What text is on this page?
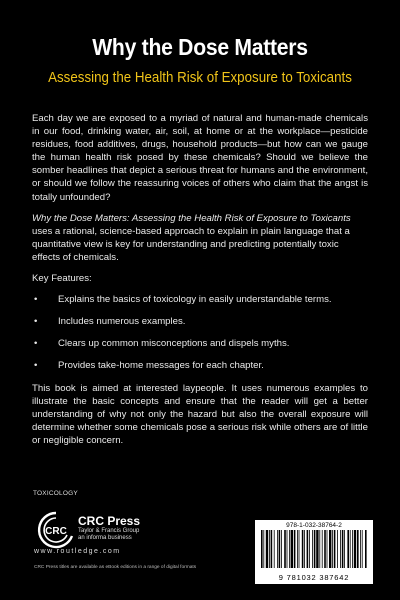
Why the Dose Matters
Assessing the Health Risk of Exposure to Toxicants

Each day we are exposed to a myriad of natural and human-made chemicals in our food, drinking water, air, soil, at home or at the workplace—pesticide residues, food additives, drugs, household products—but how can we gauge the human health risk posed by these chemicals? Should we believe the somber headlines that depict a serious threat for humans and the environment, or should we follow the reassuring voices of others who claim that the angst is totally unfounded?

Why the Dose Matters: Assessing the Health Risk of Exposure to Toxicants uses a rational, science-based approach to explain in plain language that a quantitative view is key for understanding and predicting potentially toxic effects of chemicals.

Key Features:

• Explains the basics of toxicology in easily understandable terms.
• Includes numerous examples.
• Clears up common misconceptions and dispels myths.
• Provides take-home messages for each chapter.

This book is aimed at interested laypeople. It uses numerous examples to illustrate the basic concepts and ensure that the reader will get a better understanding of why not only the hazard but also the overall exposure will determine whether some chemicals pose a serious risk while others are of little or negligible concern.

TOXICOLOGY
CRC
CRC Press
Taylor & Francis Group
an informa business
www.routledge.com
CRC Press titles are available as eBook editions in a range of digital formats
978-1-032-38764-2
9 781032 387642
